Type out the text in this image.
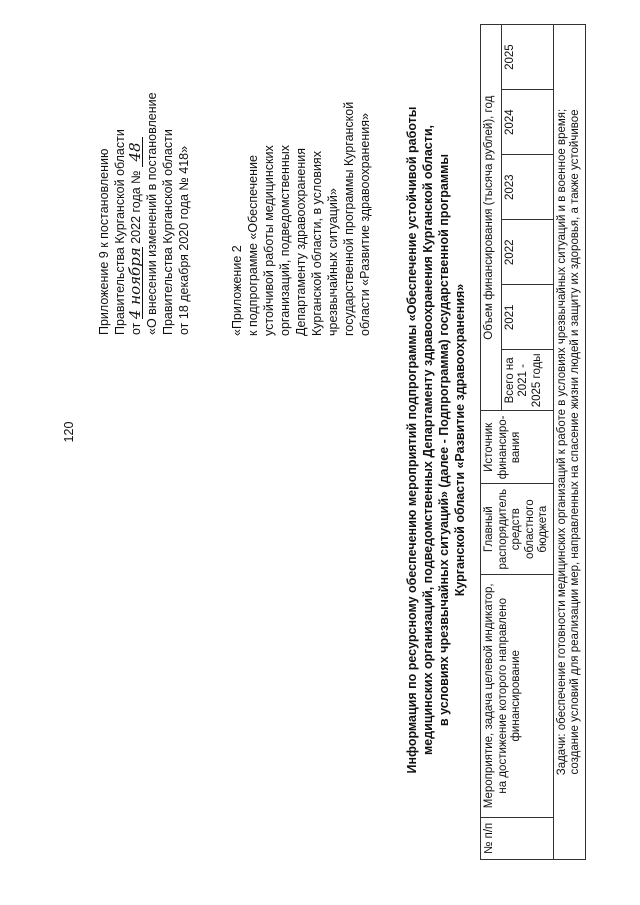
120
Приложение 9 к постановлению Правительства Курганской области от 4 ноября 2022 года № 48 «О внесении изменений в постановление Правительства Курганской области от 18 декабря 2020 года № 418»	«Приложение 2 к подпрограмме «Обеспечение устойчивой работы медицинских организаций, подведомственных Департаменту здравоохранения Курганской области, в условиях чрезвычайных ситуаций» государственной программы Курганской области «Развитие здравоохранения»	Информация по ресурсному обеспечению мероприятий подпрограммы «Обеспечение устойчивой работы медицинских организаций, подведомственных Департаменту здравоохранения Курганской области, в условиях чрезвычайных ситуаций» (далее - Подпрограмма) государственной программы Курганской области «Развитие здравоохранения»
№ п/п	Мероприятие, задача целевой индикатор, на достижение которого направлено финансирование	Главный распорядитель средств областного бюджета	Источник финансиро-вания	Объем финансирования (тысяча рублей), год					
				Всего на 2021 - 2025 годы	2021	2022	2023	2024	2025

Задачи: обеспечение готовности медицинских организаций к работе в условиях чрезвычайных ситуаций и в военное время; создание условий для реализации мер, направленных на спасение жизни людей и защиту их здоровья, а также устойчивое									
